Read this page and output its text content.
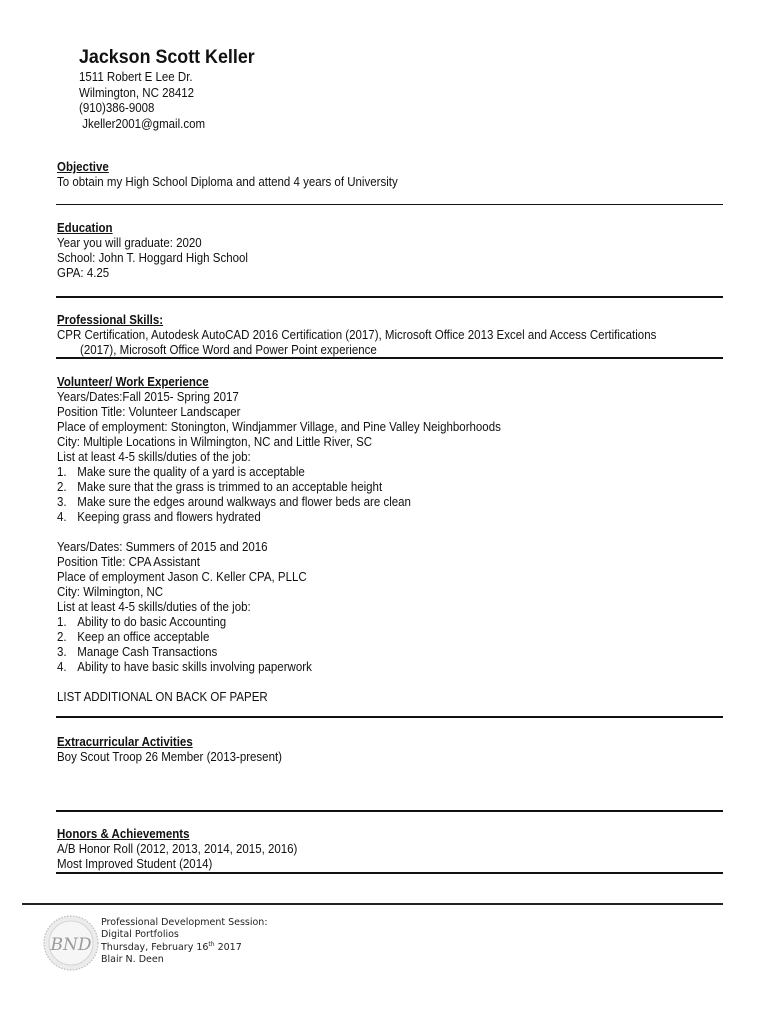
Jackson Scott Keller
1511 Robert E Lee Dr.
Wilmington, NC 28412
(910)386-9008
Jkeller2001@gmail.com
Objective
To obtain my High School Diploma and attend 4 years of University
Education
Year you will graduate: 2020
School: John T. Hoggard High School
GPA: 4.25
Professional Skills:
CPR Certification, Autodesk AutoCAD 2016 Certification (2017), Microsoft Office 2013 Excel and Access Certifications
(2017), Microsoft Office Word and Power Point experience
Volunteer/ Work Experience
Years/Dates:Fall 2015- Spring 2017
Position Title: Volunteer Landscaper
Place of employment: Stonington, Windjammer Village, and Pine Valley Neighborhoods
City: Multiple Locations in Wilmington, NC and Little River, SC
List at least 4-5 skills/duties of the job:
1. Make sure the quality of a yard is acceptable
2. Make sure that the grass is trimmed to an acceptable height
3. Make sure the edges around walkways and flower beds are clean
4. Keeping grass and flowers hydrated
Years/Dates: Summers of 2015 and 2016
Position Title: CPA Assistant
Place of employment Jason C. Keller CPA, PLLC
City: Wilmington, NC
List at least 4-5 skills/duties of the job:
1. Ability to do basic Accounting
2. Keep an office acceptable
3. Manage Cash Transactions
4. Ability to have basic skills involving paperwork
LIST ADDITIONAL ON BACK OF PAPER
Extracurricular Activities
Boy Scout Troop 26 Member (2013-present)
Honors & Achievements
A/B Honor Roll (2012, 2013, 2014, 2015, 2016)
Most Improved Student (2014)
BND
Professional Development Session:
Digital Portfolios
Thursday, February 16th 2017
Blair N. Deen
